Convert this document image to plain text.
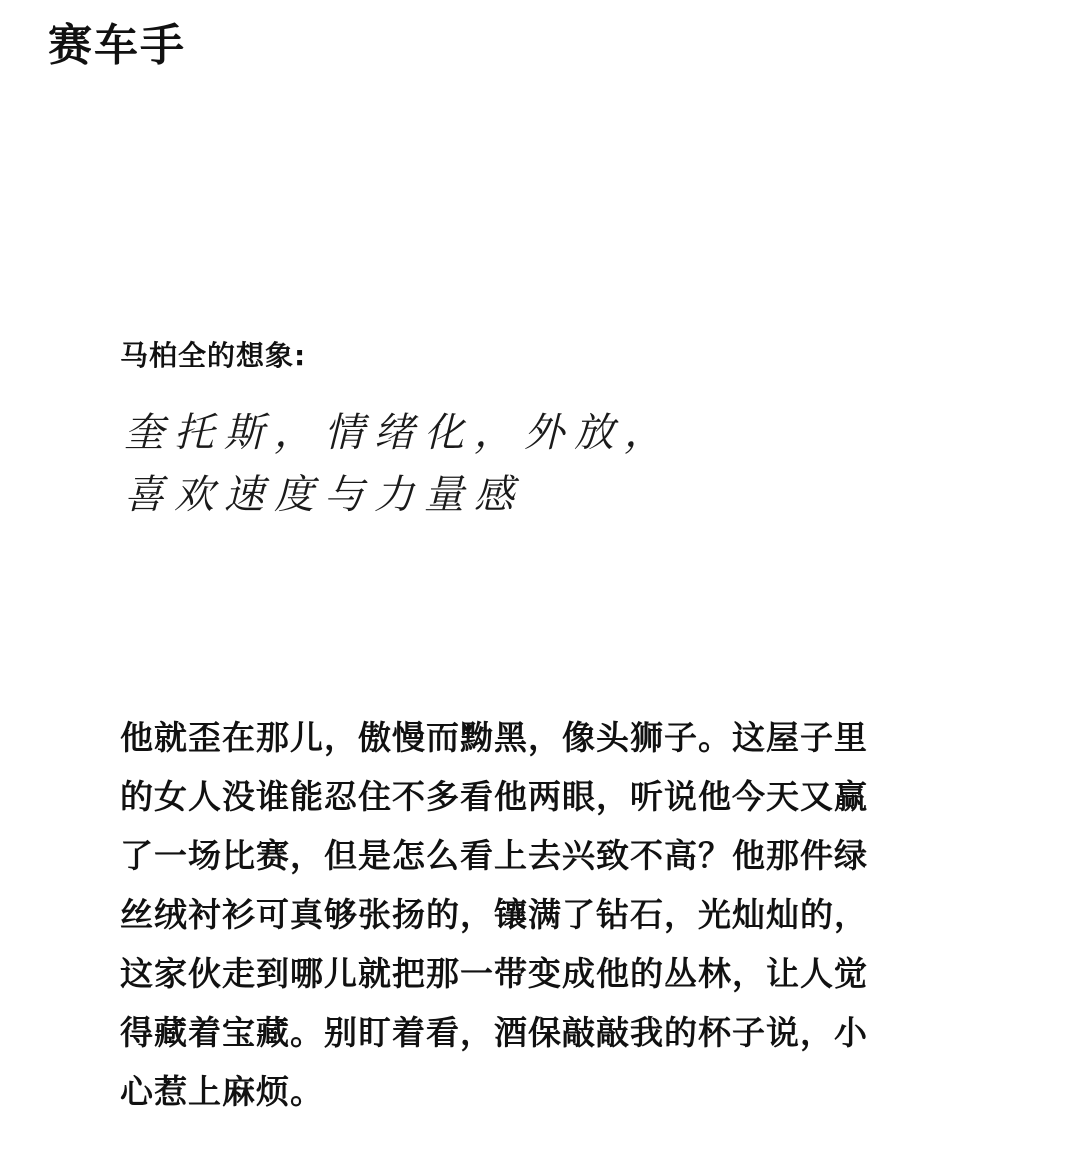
赛车手
马柏全的想象:
奎托斯，情绪化，外放，
喜欢速度与力量感
他就歪在那儿，傲慢而黝黑，像头狮子。这屋子里
的女人没谁能忍住不多看他两眼，听说他今天又赢
了一场比赛，但是怎么看上去兴致不高？他那件绿
丝绒衬衫可真够张扬的，镶满了钻石，光灿灿的，
这家伙走到哪儿就把那一带变成他的丛林，让人觉
得藏着宝藏。别盯着看，酒保敲敲我的杯子说，小
心惹上麻烦。
